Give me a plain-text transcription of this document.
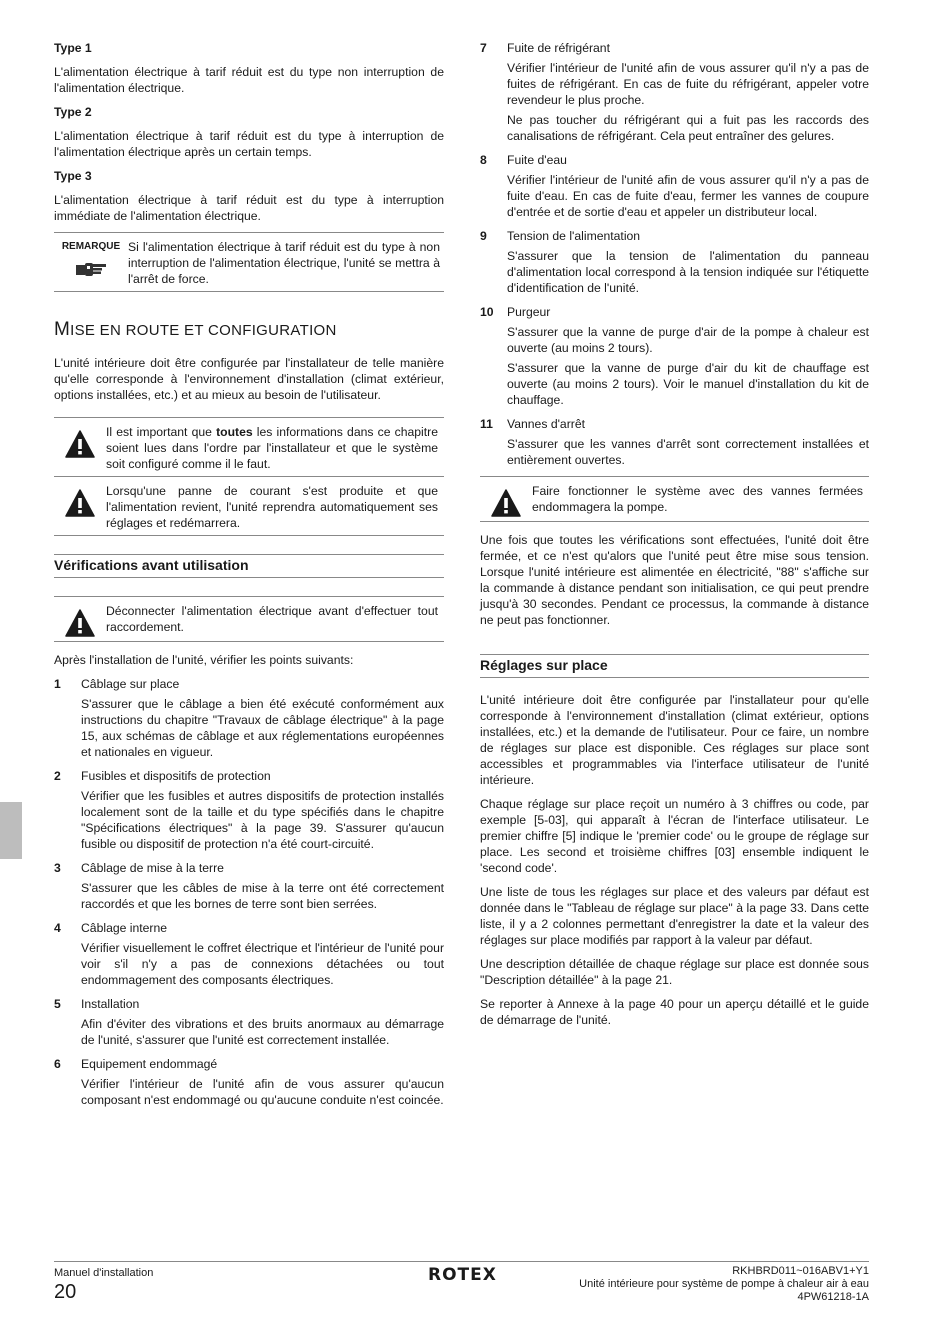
Type 1

L'alimentation électrique à tarif réduit est du type non interruption de l'alimentation électrique.

Type 2

L'alimentation électrique à tarif réduit est du type à interruption de l'alimentation électrique après un certain temps.

Type 3

L'alimentation électrique à tarif réduit est du type à interruption immédiate de l'alimentation électrique.

REMARQUE Si l'alimentation électrique à tarif réduit est du type à non interruption de l'alimentation électrique, l'unité se mettra à l'arrêt de force.
MISE EN ROUTE ET CONFIGURATION

L'unité intérieure doit être configurée par l'installateur de telle manière qu'elle corresponde à l'environnement d'installation (climat extérieur, options installées, etc.) et au mieux au besoin de l'utilisateur.

Il est important que toutes les informations dans ce chapitre soient lues dans l'ordre par l'installateur et que le système soit configuré comme il le faut.
Lorsqu'une panne de courant s'est produite et que l'alimentation revient, l'unité reprendra automatiquement ses réglages et redémarrera.
Vérifications avant utilisation
Déconnecter l'alimentation électrique avant d'effectuer tout raccordement.

Après l'installation de l'unité, vérifier les points suivants:

1	Câblage sur place

S'assurer que le câblage a bien été exécuté conformément aux instructions du chapitre "Travaux de câblage électrique" à la page 15, aux schémas de câblage et aux réglementations européennes et nationales en vigueur.

2	Fusibles et dispositifs de protection

Vérifier que les fusibles et autres dispositifs de protection installés localement sont de la taille et du type spécifiés dans le chapitre "Spécifications électriques" à la page 39. S'assurer qu'aucun fusible ou dispositif de protection n'a été court-circuité.

3	Câblage de mise à la terre

S'assurer que les câbles de mise à la terre ont été correctement raccordés et que les bornes de terre sont bien serrées.

4	Câblage interne

Vérifier visuellement le coffret électrique et l'intérieur de l'unité pour voir s'il n'y a pas de connexions détachées ou tout endommagement des composants électriques.

5	Installation

Afin d'éviter des vibrations et des bruits anormaux au démarrage de l'unité, s'assurer que l'unité est correctement installée.

6	Equipement endommagé

Vérifier l'intérieur de l'unité afin de vous assurer qu'aucun composant n'est endommagé ou qu'aucune conduite n'est coincée.

7	Fuite de réfrigérant

Vérifier l'intérieur de l'unité afin de vous assurer qu'il n'y a pas de fuites de réfrigérant. En cas de fuite du réfrigérant, appeler votre revendeur le plus proche.

Ne pas toucher du réfrigérant qui a fuit pas les raccords des canalisations de réfrigérant. Cela peut entraîner des gelures.

8	Fuite d'eau

Vérifier l'intérieur de l'unité afin de vous assurer qu'il n'y a pas de fuite d'eau. En cas de fuite d'eau, fermer les vannes de coupure d'entrée et de sortie d'eau et appeler un distributeur local.

9	Tension de l'alimentation

S'assurer que la tension de l'alimentation du panneau d'alimentation local correspond à la tension indiquée sur l'étiquette d'identification de l'unité.

10	Purgeur

S'assurer que la vanne de purge d'air de la pompe à chaleur est ouverte (au moins 2 tours).

S'assurer que la vanne de purge d'air du kit de chauffage est ouverte (au moins 2 tours). Voir le manuel d'installation du kit de chauffage.

11	Vannes d'arrêt

S'assurer que les vannes d'arrêt sont correctement installées et entièrement ouvertes.

Faire fonctionner le système avec des vannes fermées endommagera la pompe.

Une fois que toutes les vérifications sont effectuées, l'unité doit être fermée, et ce n'est qu'alors que l'unité peut être mise sous tension. Lorsque l'unité intérieure est alimentée en électricité, "88" s'affiche sur la commande à distance pendant son initialisation, ce qui peut prendre jusqu'à 30 secondes. Pendant ce processus, la commande à distance ne peut pas fonctionner.

Réglages sur place

L'unité intérieure doit être configurée par l'installateur pour qu'elle corresponde à l'environnement d'installation (climat extérieur, options installées, etc.) et la demande de l'utilisateur. Pour ce faire, un nombre de réglages sur place est disponible. Ces réglages sur place sont accessibles et programmables via l'interface utilisateur de l'unité intérieure.

Chaque réglage sur place reçoit un numéro à 3 chiffres ou code, par exemple [5-03], qui apparaît à l'écran de l'interface utilisateur. Le premier chiffre [5] indique le 'premier code' ou le groupe de réglage sur place. Les second et troisième chiffres [03] ensemble indiquent le 'second code'.

Une liste de tous les réglages sur place et des valeurs par défaut est donnée dans le "Tableau de réglage sur place" à la page 33. Dans cette liste, il y a 2 colonnes permettant d'enregistrer la date et la valeur des réglages sur place modifiés par rapport à la valeur par défaut.

Une description détaillée de chaque réglage sur place est donnée sous "Description détaillée" à la page 21.

Se reporter à Annexe à la page 40 pour un aperçu détaillé et le guide de démarrage de l'unité.

Manuel d'installation
20
ROTEX	RKHBRD011~016ABV1+Y1
Unité intérieure pour système de pompe à chaleur air à eau
4PW61218-1A
